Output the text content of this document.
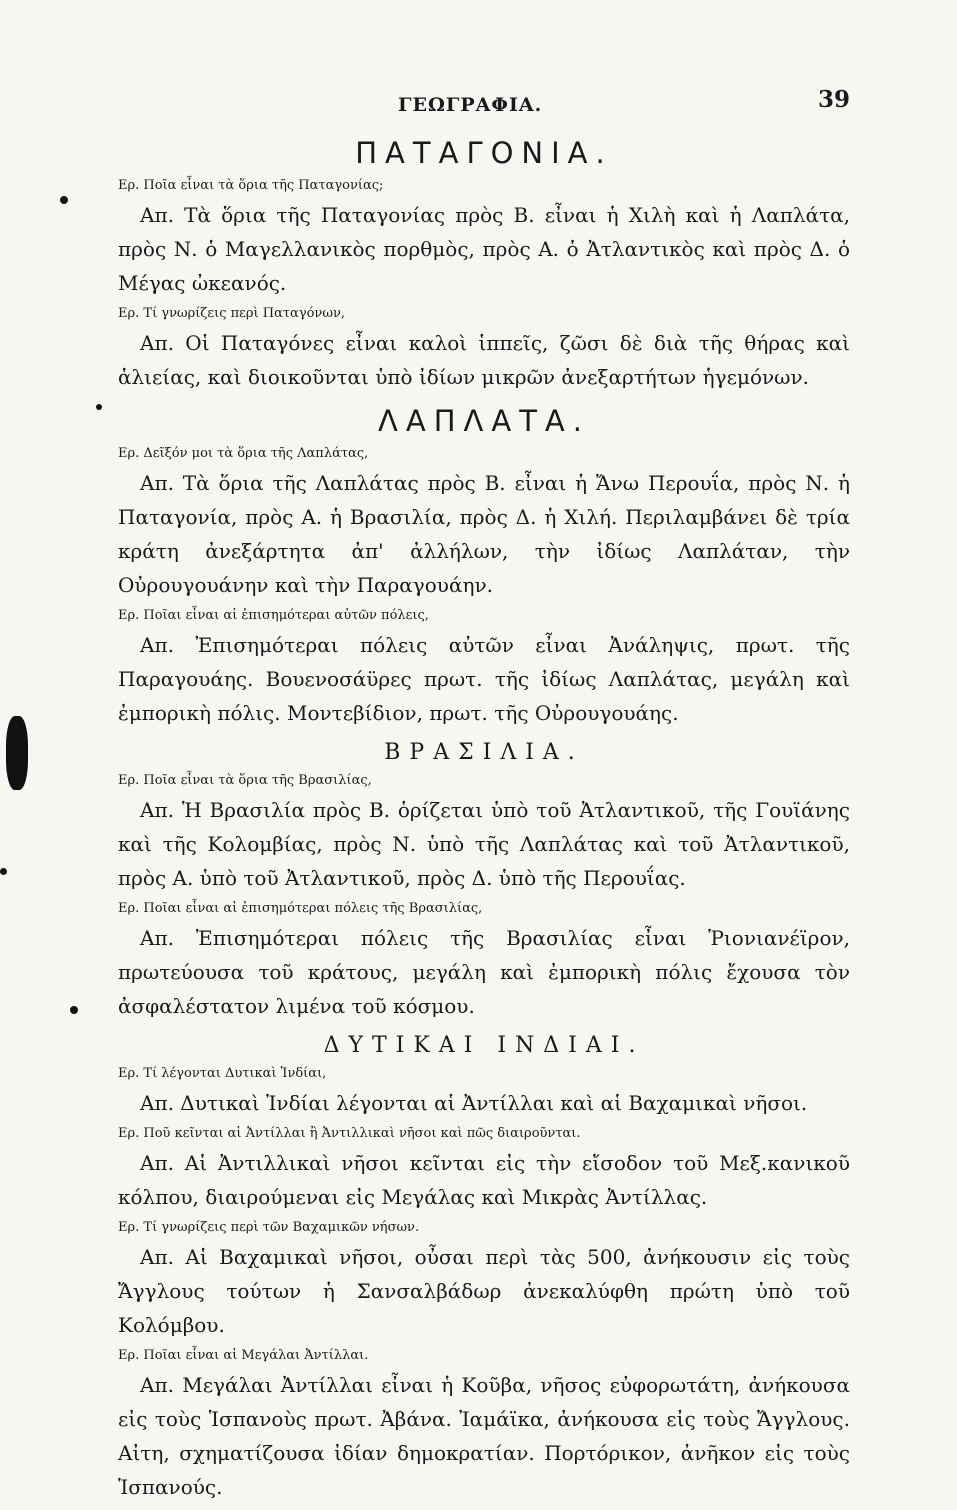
ΓΕΩΓΡΑΦΙΑ.	39
ΠΑΤΑΓΟΝΙΑ.
Ερ. Ποῖα εἶναι τὰ ὅρια τῆς Παταγονίας;

Απ. Τὰ ὅρια τῆς Παταγονίας πρὸς Β. εἶναι ἡ Χιλὴ καὶ ἡ Λαπλάτα, πρὸς Ν. ὁ Μαγελλανικὸς πορθμὸς, πρὸς Α. ὁ Ἀτλαντικὸς καὶ πρὸς Δ. ὁ Μέγας ὠκεανός.

Ερ. Τί γνωρίζεις περὶ Παταγόνων,

Απ. Οἱ Παταγόνες εἶναι καλοὶ ἱππεῖς, ζῶσι δὲ διὰ τῆς θήρας καὶ ἁλιείας, καὶ διοικοῦνται ὑπὸ ἰδίων μικρῶν ἀνεξαρτήτων ἡγεμόνων.

ΛΑΠΛΑΤΑ.
Ερ. Δεῖξόν μοι τὰ ὅρια τῆς Λαπλάτας,

Απ. Τὰ ὅρια τῆς Λαπλάτας πρὸς Β. εἶναι ἡ Ἄνω Περουΐα, πρὸς Ν. ἡ Παταγονία, πρὸς Α. ἡ Βρασιλία, πρὸς Δ. ἡ Χιλή. Περιλαμβάνει δὲ τρία κράτη ἀνεξάρτητα ἀπ' ἀλλήλων, τὴν ἰδίως Λαπλάταν, τὴν Οὐρουγουάνην καὶ τὴν Παραγουάην.

Ερ. Ποῖαι εἶναι αἱ ἐπισημότεραι αὐτῶν πόλεις,

Απ. Ἐπισημότεραι πόλεις αὐτῶν εἶναι Ἀνάληψις, πρωτ. τῆς Παραγουάης. Βουενοσάϋρες πρωτ. τῆς ἰδίως Λαπλάτας, μεγάλη καὶ ἐμπορικὴ πόλις. Μοντεβίδιον, πρωτ. τῆς Οὐρουγουάης.

ΒΡΑΣΙΛΙΑ.
Ερ. Ποῖα εἶναι τὰ ὅρια τῆς Βρασιλίας,

Απ. Ἡ Βρασιλία πρὸς Β. ὁρίζεται ὑπὸ τοῦ Ἀτλαντικοῦ, τῆς Γουϊάνης καὶ τῆς Κολομβίας, πρὸς Ν. ὑπὸ τῆς Λαπλάτας καὶ τοῦ Ἀτλαντικοῦ, πρὸς Α. ὑπὸ τοῦ Ἀτλαντικοῦ, πρὸς Δ. ὑπὸ τῆς Περουΐας.

Ερ. Ποῖαι εἶναι αἱ ἐπισημότεραι πόλεις τῆς Βρασιλίας,

Απ. Ἐπισημότεραι πόλεις τῆς Βρασιλίας εἶναι Ῥιονιανέϊρον, πρωτεύουσα τοῦ κράτους, μεγάλη καὶ ἐμπορικὴ πόλις ἔχουσα τὸν ἀσφαλέστατον λιμένα τοῦ κόσμου.

ΔΥΤΙΚΑΙ ΙΝΔΙΑΙ.
Ερ. Τί λέγονται Δυτικαὶ Ἰνδίαι,

Απ. Δυτικαὶ Ἰνδίαι λέγονται αἱ Ἀντίλλαι καὶ αἱ Βαχαμικαὶ νῆσοι.

Ερ. Ποῦ κεῖνται αἱ Ἀντίλλαι ἢ Ἀντιλλικαὶ νῆσοι καὶ πῶς διαιροῦνται.

Απ. Αἱ Ἀντιλλικαὶ νῆσοι κεῖνται εἰς τὴν εἴσοδον τοῦ Μεξ.κανικοῦ κόλπου, διαιρούμεναι εἰς Μεγάλας καὶ Μικρὰς Ἀντίλλας.

Ερ. Τί γνωρίζεις περὶ τῶν Βαχαμικῶν νήσων.

Απ. Αἱ Βαχαμικαὶ νῆσοι, οὖσαι περὶ τὰς 500, ἀνήκουσιν εἰς τοὺς Ἄγγλους τούτων ἡ Σανσαλβάδωρ ἀνεκαλύφθη πρώτη ὑπὸ τοῦ Κολόμβου.

Ερ. Ποῖαι εἶναι αἱ Μεγάλαι Ἀντίλλαι.

Απ. Μεγάλαι Ἀντίλλαι εἶναι ἡ Κοῦβα, νῆσος εὐφορωτάτη, ἀνήκουσα εἰς τοὺς Ἱσπανοὺς πρωτ. Ἀβάνα. Ἰαμάϊκα, ἀνήκουσα εἰς τοὺς Ἄγγλους. Αἰτη, σχηματίζουσα ἰδίαν δημοκρατίαν. Πορτόρικον, ἀνῆκον εἰς τοὺς Ἱσπανούς.
